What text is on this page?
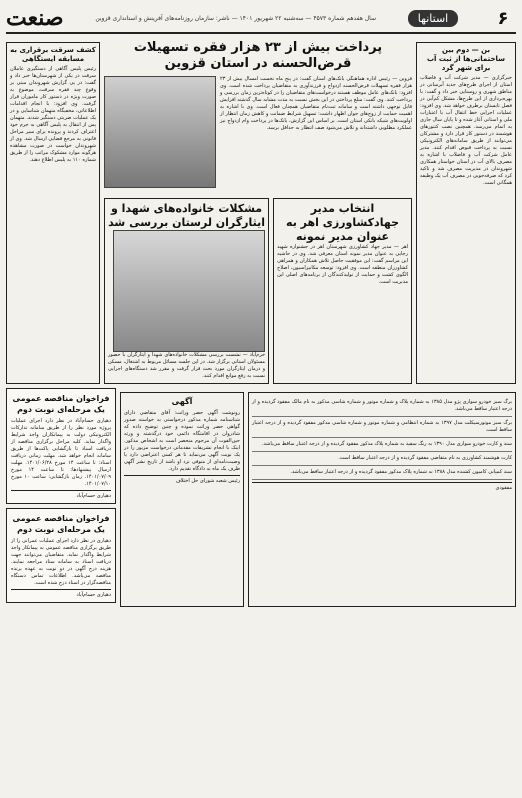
۶
استانها
سال هفدهم شماره ۴۵۷۳ — سه‌شنبه ۲۲ شهریور ۱۴۰۱ — ناشر: سازمان روزنامه‌های آفرینش و استانداری قزوین
صنعت
بن — دوم بین ساختمانی‌ها از ثبت آب برای شهر گرد
خبرگزاری — مدیر شرکت آب و فاضلاب استان از اجرای طرح‌های جدید آبرسانی در مناطق شهری و روستایی خبر داد و گفت: با بهره‌برداری از این طرح‌ها، مشکل کم‌آبی در فصل تابستان برطرف خواهد شد. وی افزود: عملیات اجرایی خط انتقال آب با اعتبارات ملی و استانی آغاز شده و تا پایان سال جاری به اتمام می‌رسد. همچنین نصب کنتورهای هوشمند در دستور کار قرار دارد و مشترکان می‌توانند از طریق سامانه‌های الکترونیکی نسبت به پرداخت قبوض اقدام کنند. مدیر عامل شرکت آب و فاضلاب با اشاره به مصرف بالای آب در استان خواستار همکاری شهروندان در مدیریت مصرف شد و تاکید کرد که صرفه‌جویی در مصرف آب یک وظیفه همگانی است.
پرداخت بیش از ۲۳ هزار فقره تسهیلات قرض‌الحسنه در استان قزوین
قزوین — رئیس اداره هماهنگی بانک‌های استان گفت: در پنج ماه نخست امسال بیش از ۲۳ هزار فقره تسهیلات قرض‌الحسنه ازدواج و فرزندآوری به متقاضیان پرداخت شده است. وی افزود: بانک‌های عامل موظف هستند درخواست‌های متقاضیان را در کوتاه‌ترین زمان بررسی و پرداخت کنند. وی گفت: مبلغ پرداختی در این بخش نسبت به مدت مشابه سال گذشته افزایش قابل توجهی داشته است و سامانه ثبت‌نام متقاضیان همچنان فعال است. وی با اشاره به اهمیت حمایت از زوج‌های جوان اظهار داشت: تسهیل شرایط ضمانت و کاهش زمان انتظار از اولویت‌های شبکه بانکی استان است. بر اساس این گزارش، بانک‌ها در پرداخت وام ازدواج نیز عملکرد مطلوبی داشته‌اند و تلاش می‌شود صف انتظار به حداقل برسد.
انتخاب مدیر جهادکشاورزی اهر به عنوان مدیر نمونه
اهر — مدیر جهاد کشاورزی شهرستان اهر در جشنواره شهید رجایی به عنوان مدیر نمونه استان معرفی شد. وی در حاشیه این مراسم گفت: این موفقیت حاصل تلاش همکاران و همراهی کشاورزان منطقه است. وی افزود: توسعه مکانیزاسیون، اصلاح الگوی کشت و حمایت از تولیدکنندگان از برنامه‌های اصلی این مدیریت است.
مشکلات خانواده‌های شهدا و ایثارگران لرستان بررسی شد
خرم‌آباد — نشست بررسی مشکلات خانواده‌های شهدا و ایثارگران با حضور مسئولان استانی برگزار شد. در این جلسه مسائل مربوط به اشتغال، مسکن و درمان ایثارگران مورد بحث قرار گرفت و مقرر شد دستگاه‌های اجرایی نسبت به رفع موانع اقدام کنند.
کشف سرقت برقراری به مسابقه ایستگاهی
رئیس پلیس آگاهی از دستگیری عاملان سرقت در یکی از شهرستان‌ها خبر داد و گفت: در پی گزارش شهروندان مبنی بر وقوع چند فقره سرقت، موضوع به صورت ویژه در دستور کار ماموران قرار گرفت. وی افزود: با انجام اقدامات اطلاعاتی، مخفیگاه متهمان شناسایی و در یک عملیات ضربتی دستگیر شدند. متهمان پس از انتقال به پلیس آگاهی به جرم خود اعتراف کردند و پرونده برای سیر مراحل قانونی به مرجع قضایی ارسال شد. وی از شهروندان خواست در صورت مشاهده هرگونه موارد مشکوک مراتب را از طریق شماره ۱۱۰ به پلیس اطلاع دهند.
برگ سبز خودرو سواری پژو مدل ۱۳۸۵ به شماره پلاک و شماره موتور و شماره شاسی مذکور به نام مالک مفقود گردیده و از درجه اعتبار ساقط می‌باشد.
برگ سبز موتورسیکلت مدل ۱۳۹۷ به شماره انتظامی و شماره موتور و شماره شاسی مذکور مفقود گردیده و از درجه اعتبار ساقط است.
سند و کارت خودرو سواری مدل ۱۳۹۰ به رنگ سفید به شماره پلاک مذکور مفقود گردیده و از درجه اعتبار ساقط می‌باشد.
کارت هوشمند کشاورزی به نام متقاضی مفقود گردیده و از درجه اعتبار ساقط است.
سند کمپانی کامیون کشنده مدل ۱۳۸۸ به شماره پلاک مذکور مفقود گردیده و از درجه اعتبار ساقط می‌باشد.
مفقودی
آگهی
رونوشت آگهی حصر وراثت: آقای متقاضی دارای شناسنامه شماره مذکور درخواستی به خواسته صدور گواهی حصر وراثت نموده و چنین توضیح داده که شادروان در اقامتگاه دائمی خود درگذشته و ورثه حین‌الفوت آن مرحوم منحصر است به اشخاص مذکور. اینک با انجام تشریفات مقدماتی درخواست مزبور را در یک نوبت آگهی می‌نماید تا هر کسی اعتراضی دارد یا وصیت‌نامه‌ای از متوفی نزد او باشد از تاریخ نشر آگهی ظرف یک ماه به دادگاه تقدیم دارد.
رئیس شعبه شورای حل اختلاف
فراخوان مناقصه عمومی یک مرحله‌ای نوبت دوم
دهیاری حسام‌آباد در نظر دارد اجرای عملیات پروژه مورد نظر را از طریق سامانه تدارکات الکترونیکی دولت به پیمانکاران واجد شرایط واگذار نماید. کلیه مراحل برگزاری مناقصه از دریافت اسناد تا بازگشایی پاکت‌ها از طریق سامانه انجام خواهد شد. مهلت زمانی دریافت اسناد: تا ساعت ۱۴ مورخ ۱۴۰۱/۰۶/۲۸. مهلت ارسال پیشنهادها: تا ساعت ۱۴ مورخ ۱۴۰۱/۰۷/۰۹. زمان بازگشایی: ساعت ۱۰ مورخ ۱۴۰۱/۰۷/۱۰.
دهیاری حسام‌آباد
فراخوان مناقصه عمومی یک مرحله‌ای نوبت دوم
دهیاری در نظر دارد اجرای عملیات عمرانی را از طریق برگزاری مناقصه عمومی به پیمانکار واجد شرایط واگذار نماید. متقاضیان می‌توانند جهت دریافت اسناد به سامانه ستاد مراجعه نمایند. هزینه درج آگهی در دو نوبت به عهده برنده مناقصه می‌باشد. اطلاعات تماس دستگاه مناقصه‌گزار در اسناد درج شده است.
دهیاری حسام‌آباد
